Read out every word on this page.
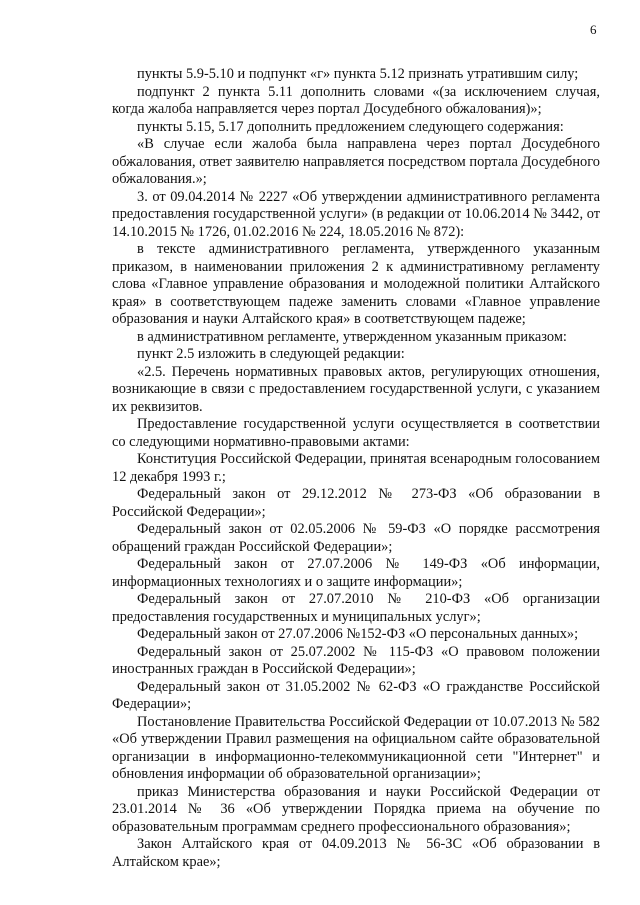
6

пункты 5.9-5.10 и подпункт «г» пункта 5.12 признать утратившим силу;

подпункт 2 пункта 5.11 дополнить словами «(за исключением случая, когда жалоба направляется через портал Досудебного обжалования)»;

пункты 5.15, 5.17 дополнить предложением следующего содержания:

«В случае если жалоба была направлена через портал Досудебного обжалования, ответ заявителю направляется посредством портала Досудебного обжалования.»;

3. от 09.04.2014 № 2227 «Об утверждении административного регламента предоставления государственной услуги» (в редакции от 10.06.2014 № 3442, от 14.10.2015 № 1726, 01.02.2016 № 224, 18.05.2016 № 872):

в тексте административного регламента, утвержденного указанным приказом, в наименовании приложения 2 к административному регламенту слова «Главное управление образования и молодежной политики Алтайского края» в соответствующем падеже заменить словами «Главное управление образования и науки Алтайского края» в соответствующем падеже;

в административном регламенте, утвержденном указанным приказом:

пункт 2.5 изложить в следующей редакции:

«2.5. Перечень нормативных правовых актов, регулирующих отношения, возникающие в связи с предоставлением государственной услуги, с указанием их реквизитов.

Предоставление государственной услуги осуществляется в соответствии со следующими нормативно-правовыми актами:

Конституция Российской Федерации, принятая всенародным голосованием 12 декабря 1993 г.;

Федеральный закон от 29.12.2012 № 273-ФЗ «Об образовании в Российской Федерации»;

Федеральный закон от 02.05.2006 № 59-ФЗ «О порядке рассмотрения обращений граждан Российской Федерации»;

Федеральный закон от 27.07.2006 № 149-ФЗ «Об информации, информационных технологиях и о защите информации»;

Федеральный закон от 27.07.2010 № 210-ФЗ «Об организации предоставления государственных и муниципальных услуг»;

Федеральный закон от 27.07.2006 №152-ФЗ «О персональных данных»;

Федеральный закон от 25.07.2002 № 115-ФЗ «О правовом положении иностранных граждан в Российской Федерации»;

Федеральный закон от 31.05.2002 № 62-ФЗ «О гражданстве Российской Федерации»;

Постановление Правительства Российской Федерации от 10.07.2013 № 582 «Об утверждении Правил размещения на официальном сайте образовательной организации в информационно-телекоммуникационной сети "Интернет" и обновления информации об образовательной организации»;

приказ Министерства образования и науки Российской Федерации от 23.01.2014 № 36 «Об утверждении Порядка приема на обучение по образовательным программам среднего профессионального образования»;

Закон Алтайского края от 04.09.2013 № 56-ЗС «Об образовании в Алтайском крае»;
